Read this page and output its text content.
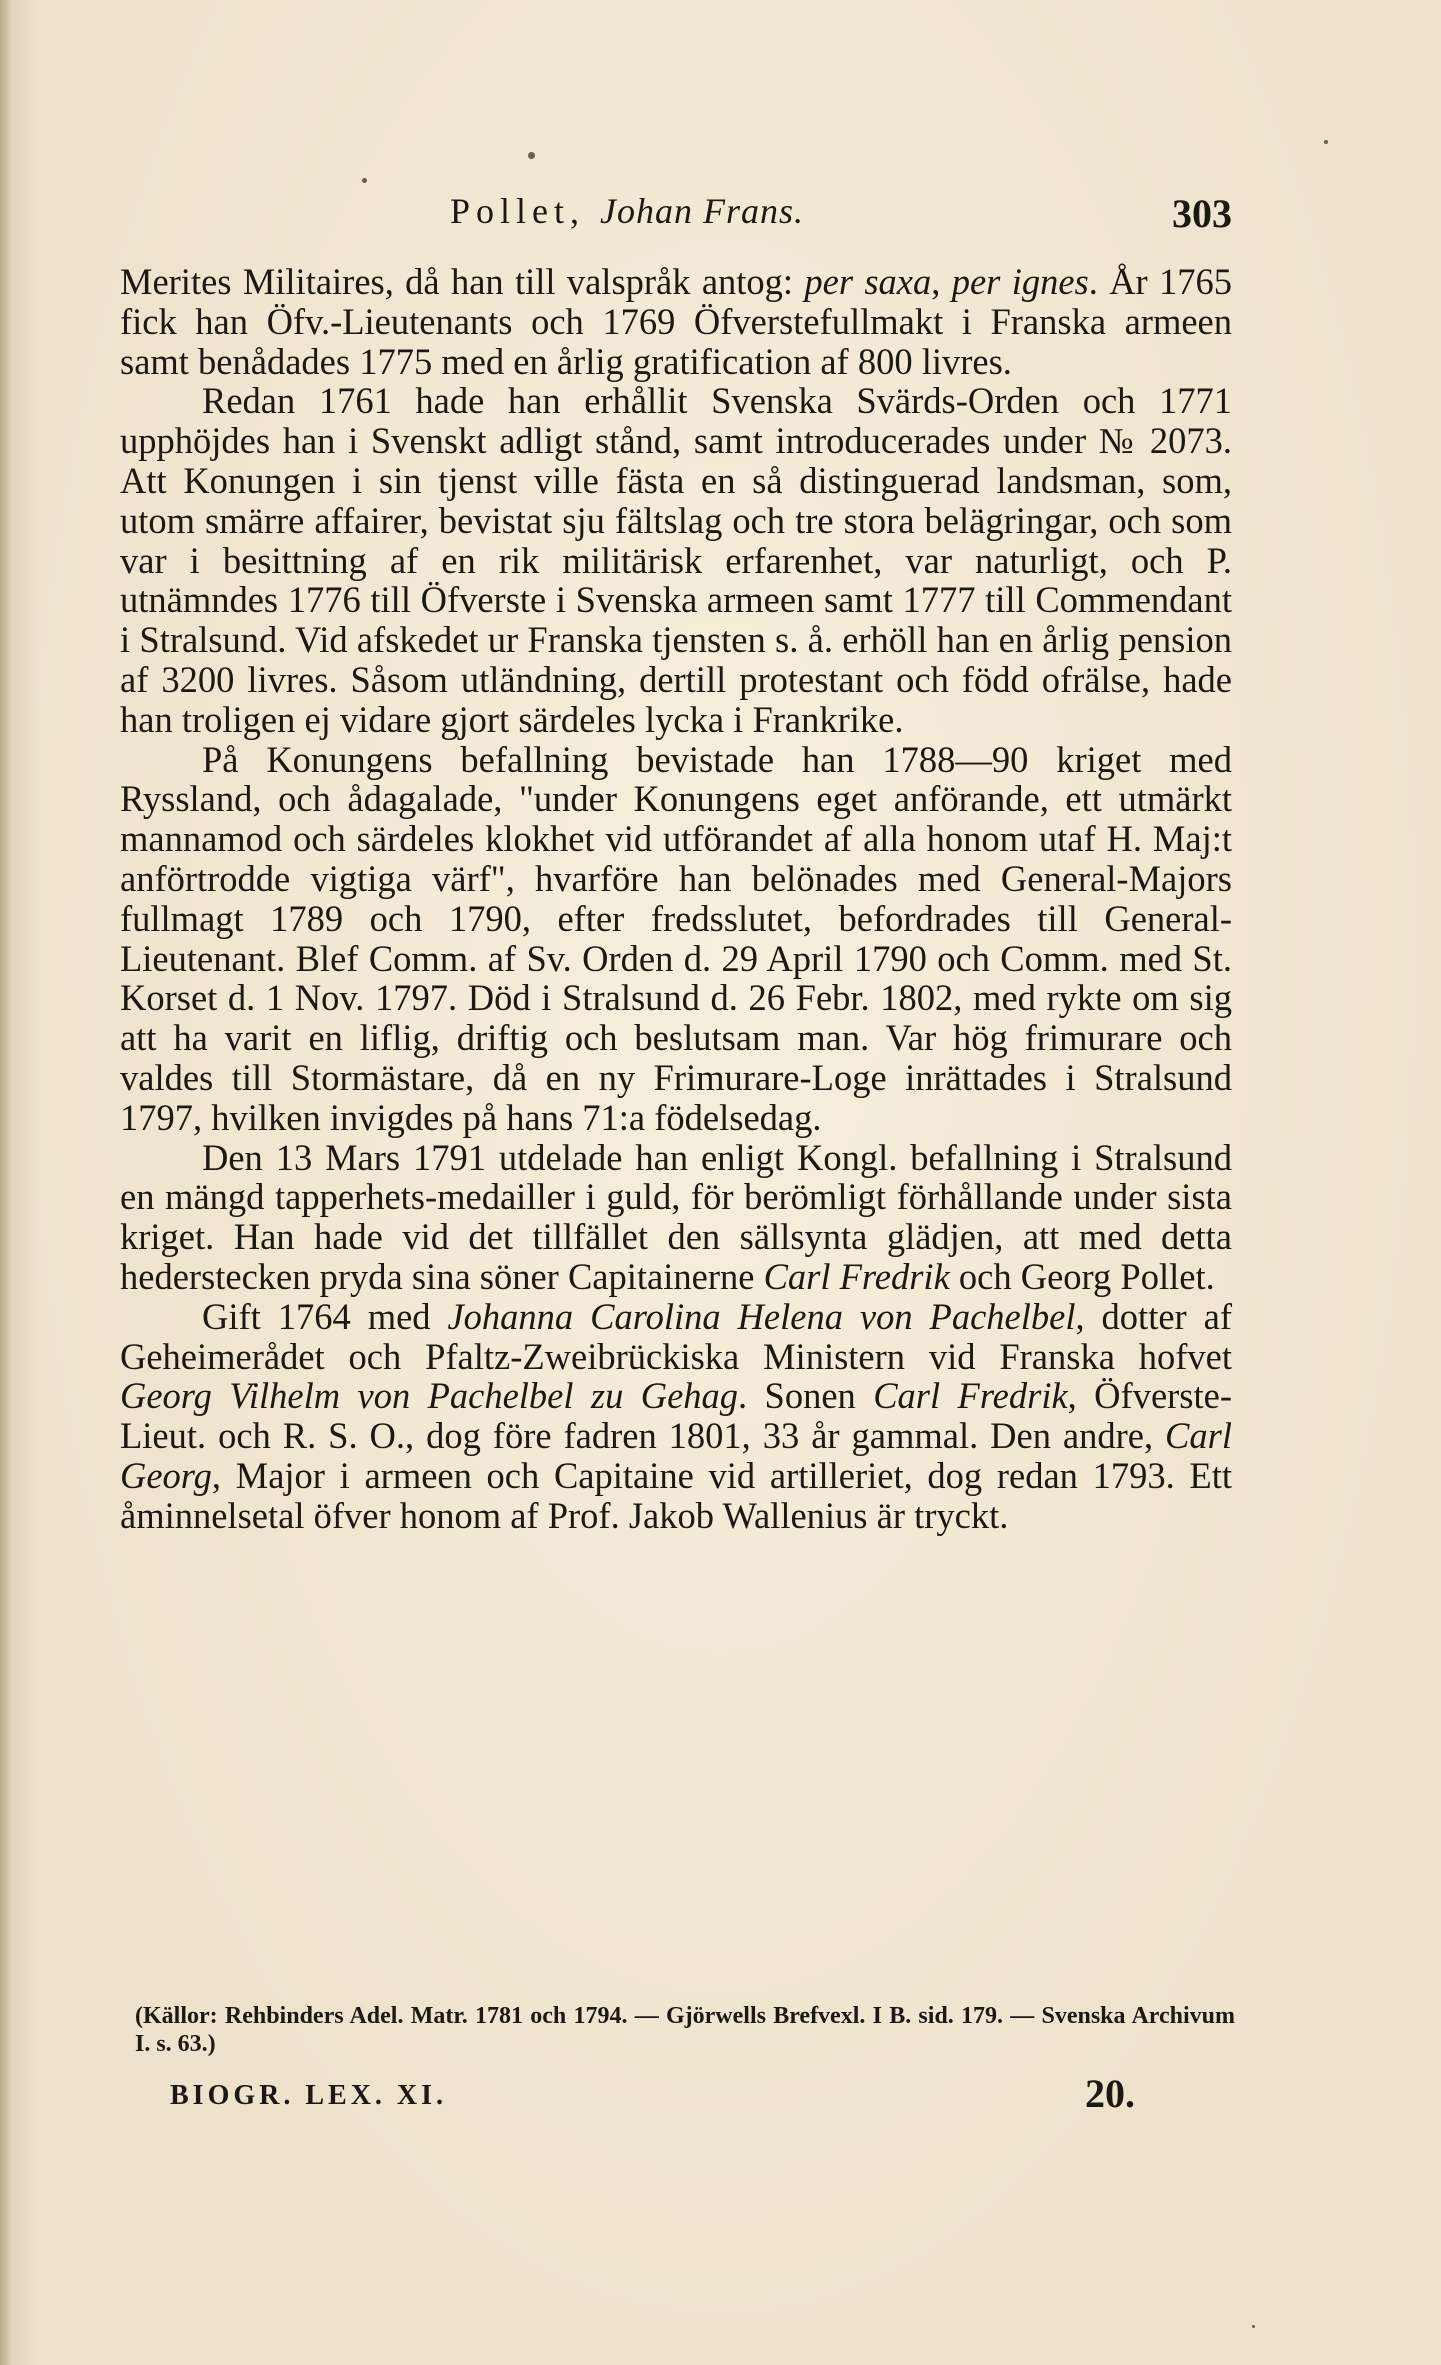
Pollet, Johan Frans.	303

Merites Militaires, då han till valspråk antog: per saxa, per ignes. År 1765 fick han Öfv.-Lieutenants och 1769 Öfverstefullmakt i Franska armeen samt benådades 1775 med en årlig gratification af 800 livres.

Redan 1761 hade han erhållit Svenska Svärds-Orden och 1771 upphöjdes han i Svenskt adligt stånd, samt introducerades under № 2073. Att Konungen i sin tjenst ville fästa en så distinguerad landsman, som, utom smärre affairer, bevistat sju fältslag och tre stora belägringar, och som var i besittning af en rik militärisk erfarenhet, var naturligt, och P. utnämndes 1776 till Öfverste i Svenska armeen samt 1777 till Commendant i Stralsund. Vid afskedet ur Franska tjensten s. å. erhöll han en årlig pension af 3200 livres. Såsom utländning, dertill protestant och född ofrälse, hade han troligen ej vidare gjort särdeles lycka i Frankrike.

På Konungens befallning bevistade han 1788—90 kriget med Ryssland, och ådagalade, "under Konungens eget anförande, ett utmärkt mannamod och särdeles klokhet vid utförandet af alla honom utaf H. Maj:t anförtrodde vigtiga värf", hvarföre han belönades med General-Majors fullmagt 1789 och 1790, efter fredsslutet, befordrades till General-Lieutenant. Blef Comm. af Sv. Orden d. 29 April 1790 och Comm. med St. Korset d. 1 Nov. 1797. Död i Stralsund d. 26 Febr. 1802, med rykte om sig att ha varit en liflig, driftig och beslutsam man. Var hög frimurare och valdes till Stormästare, då en ny Frimurare-Loge inrättades i Stralsund 1797, hvilken invigdes på hans 71:a födelsedag.

Den 13 Mars 1791 utdelade han enligt Kongl. befallning i Stralsund en mängd tapperhets-medailler i guld, för berömligt förhållande under sista kriget. Han hade vid det tillfället den sällsynta glädjen, att med detta hederstecken pryda sina söner Capitainerne Carl Fredrik och Georg Pollet.

Gift 1764 med Johanna Carolina Helena von Pachelbel, dotter af Geheimerådet och Pfaltz-Zweibrückiska Ministern vid Franska hofvet Georg Vilhelm von Pachelbel zu Gehag. Sonen Carl Fredrik, Öfverste-Lieut. och R. S. O., dog före fadren 1801, 33 år gammal. Den andre, Carl Georg, Major i armeen och Capitaine vid artilleriet, dog redan 1793. Ett åminnelsetal öfver honom af Prof. Jakob Wallenius är tryckt.

(Källor: Rehbinders Adel. Matr. 1781 och 1794. — Gjörwells Brefvexl. I B. sid. 179. — Svenska Archivum I. s. 63.)
BIOGR. LEX. XI.	20.
